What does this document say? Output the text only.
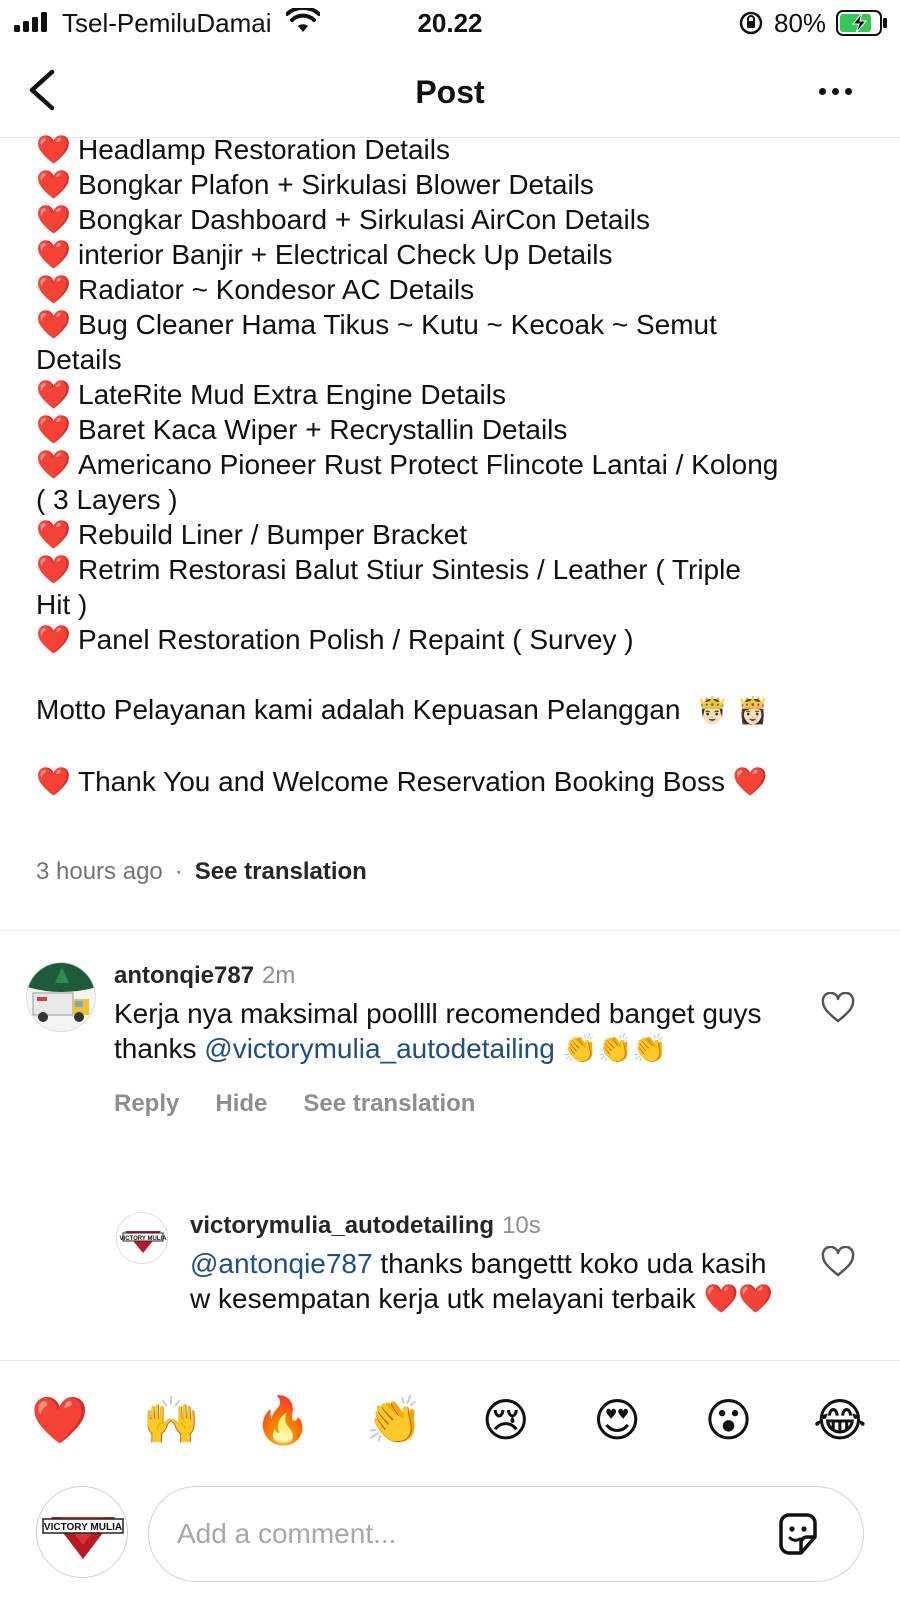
Tsel-PemiluDamai	20.22	80%
Post
❤️ Headlamp Restoration Details
❤️ Bongkar Plafon + Sirkulasi Blower Details
❤️ Bongkar Dashboard + Sirkulasi AirCon Details
❤️ interior Banjir + Electrical Check Up Details
❤️ Radiator ~ Kondesor AC Details
❤️ Bug Cleaner Hama Tikus ~ Kutu ~ Kecoak ~ Semut
Details
❤️ LateRite Mud Extra Engine Details
❤️ Baret Kaca Wiper + Recrystallin Details
❤️ Americano Pioneer Rust Protect Flincote Lantai / Kolong
( 3 Layers )
❤️ Rebuild Liner / Bumper Bracket
❤️ Retrim Restorasi Balut Stiur Sintesis / Leather ( Triple
Hit )
❤️ Panel Restoration Polish / Repaint ( Survey )
Motto Pelayanan kami adalah Kepuasan Pelanggan 🤴🏻 👸🏻
❤️ Thank You and Welcome Reservation Booking Boss ❤️
3 hours ago · See translation
antonqie787 2m
Kerja nya maksimal poollll recomended banget guys thanks @victorymulia_autodetailing 👏👏👏
Reply Hide See translation
VICTORY MULIA victorymulia_autodetailing 10s
@antonqie787 thanks bangettt koko uda kasih w kesempatan kerja utk melayani terbaik ❤️❤️
❤️ 🙌 🔥 👏 😢 😍 😮 😂
VICTORY MULIA
Add a comment...
